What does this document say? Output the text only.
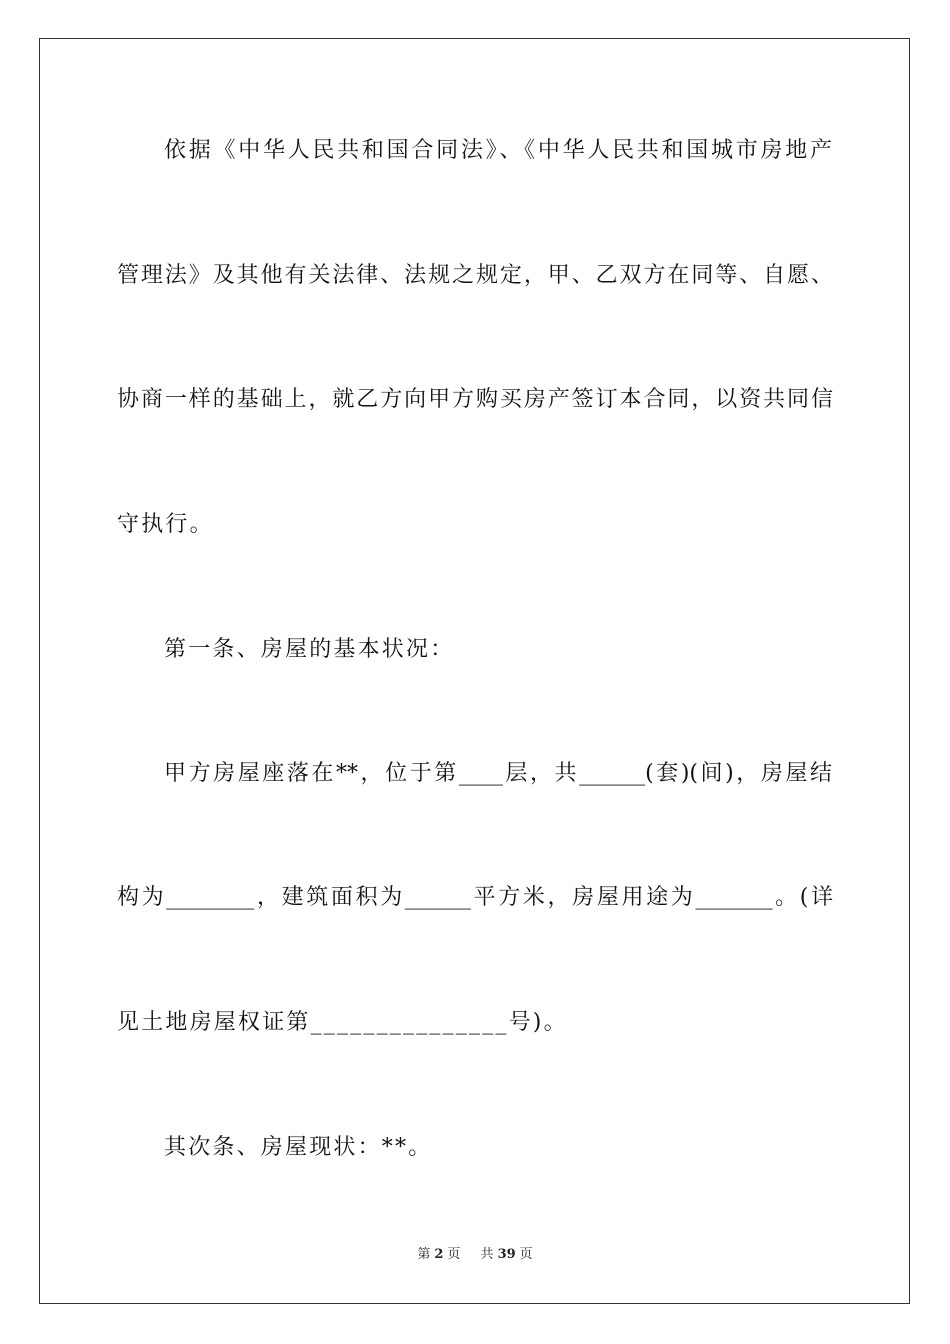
依据《中华人民共和国合同法》、《中华人民共和国城市房地产
管理法》及其他有关法律、法规之规定，甲、乙双方在同等、自愿、
协商一样的基础上，就乙方向甲方购买房产签订本合同，以资共同信
守执行。
第一条、房屋的基本状况：
甲方房屋座落在**，位于第____层，共______(套)(间)，房屋结
构为________，建筑面积为______平方米，房屋用途为_______。(详
见土地房屋权证第_______________号)。
其次条、房屋现状：**。
第 2 页 共 39 页
